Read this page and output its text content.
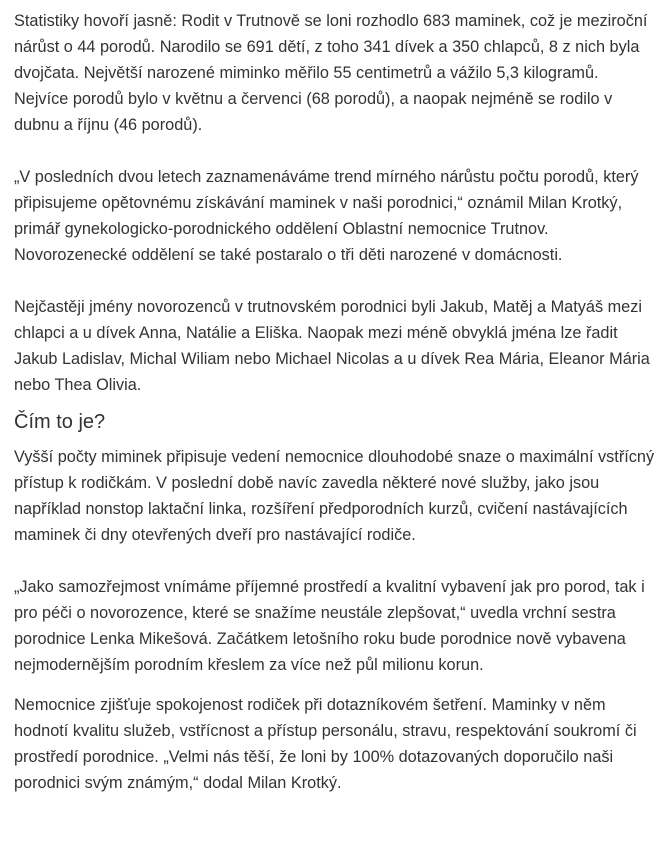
Statistiky hovoří jasně: Rodit v Trutnově se loni rozhodlo 683 maminek, což je meziroční nárůst o 44 porodů. Narodilo se 691 dětí, z toho 341 dívek a 350 chlapců, 8 z nich byla dvojčata. Největší narozené miminko měřilo 55 centimetrů a vážilo 5,3 kilogramů. Nejvíce porodů bylo v květnu a červenci (68 porodů), a naopak nejméně se rodilo v dubnu a říjnu (46 porodů).

„V posledních dvou letech zaznamenáváme trend mírného nárůstu počtu porodů, který připisujeme opětovnému získávání maminek v naši porodnici,“ oznámil Milan Krotký, primář gynekologicko-porodnického oddělení Oblastní nemocnice Trutnov. Novorozenecké oddělení se také postaralo o tři děti narozené v domácnosti.

Nejčastěji jmény novorozenců v trutnovském porodnici byli Jakub, Matěj a Matyáš mezi chlapci a u dívek Anna, Natálie a Eliška. Naopak mezi méně obvyklá jména lze řadit Jakub Ladislav, Michal Wiliam nebo Michael Nicolas a u dívek Rea Mária, Eleanor Mária nebo Thea Olivia.

Čím to je?

Vyšší počty miminek připisuje vedení nemocnice dlouhodobé snaze o maximální vstřícný přístup k rodičkám. V poslední době navíc zavedla některé nové služby, jako jsou například nonstop laktační linka, rozšíření předporodních kurzů, cvičení nastávajících maminek či dny otevřených dveří pro nastávající rodiče.

„Jako samozřejmost vnímáme příjemné prostředí a kvalitní vybavení jak pro porod, tak i pro péči o novorozence, které se snažíme neustále zlepšovat,“ uvedla vrchní sestra porodnice Lenka Mikešová. Začátkem letošního roku bude porodnice nově vybavena nejmodernějším porodním křeslem za více než půl milionu korun.

Nemocnice zjišťuje spokojenost rodiček při dotazníkovém šetření. Maminky v něm hodnotí kvalitu služeb, vstřícnost a přístup personálu, stravu, respektování soukromí či prostředí porodnice. „Velmi nás těší, že loni by 100% dotazovaných doporučilo naši porodnici svým známým,“ dodal Milan Krotký.
